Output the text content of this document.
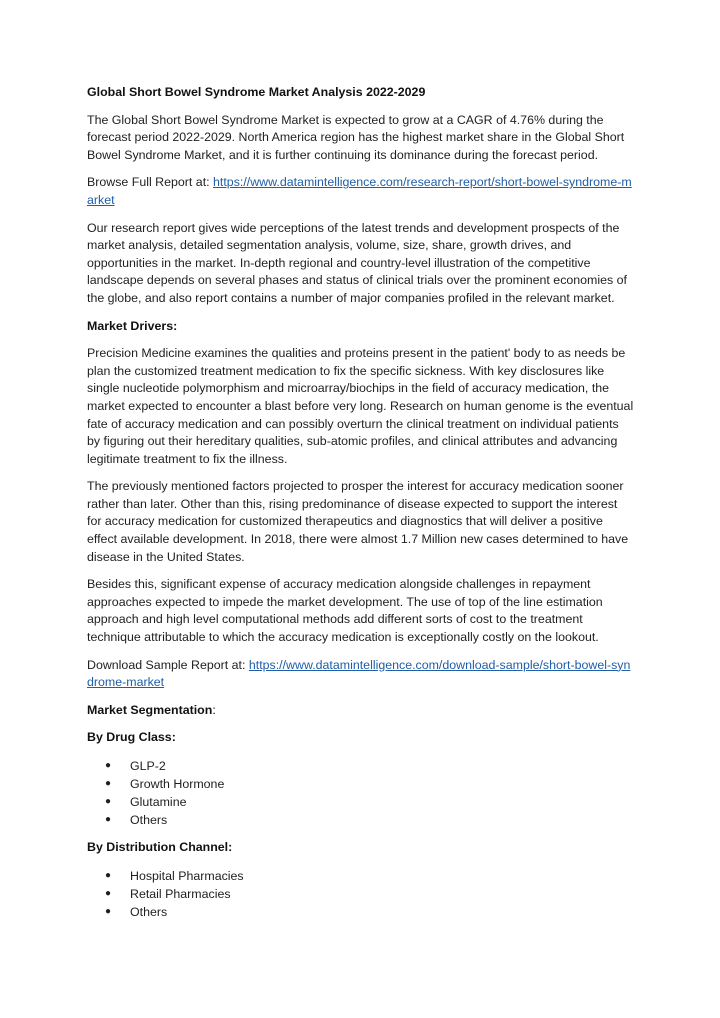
Global Short Bowel Syndrome Market Analysis 2022-2029

The Global Short Bowel Syndrome Market is expected to grow at a CAGR of 4.76% during the forecast period 2022-2029. North America region has the highest market share in the Global Short Bowel Syndrome Market, and it is further continuing its dominance during the forecast period.

Browse Full Report at: https://www.datamintelligence.com/research-report/short-bowel-syndrome-market

Our research report gives wide perceptions of the latest trends and development prospects of the market analysis, detailed segmentation analysis, volume, size, share, growth drives, and opportunities in the market. In-depth regional and country-level illustration of the competitive landscape depends on several phases and status of clinical trials over the prominent economies of the globe, and also report contains a number of major companies profiled in the relevant market.

Market Drivers:

Precision Medicine examines the qualities and proteins present in the patient' body to as needs be plan the customized treatment medication to fix the specific sickness. With key disclosures like single nucleotide polymorphism and microarray/biochips in the field of accuracy medication, the market expected to encounter a blast before very long. Research on human genome is the eventual fate of accuracy medication and can possibly overturn the clinical treatment on individual patients by figuring out their hereditary qualities, sub-atomic profiles, and clinical attributes and advancing legitimate treatment to fix the illness.

The previously mentioned factors projected to prosper the interest for accuracy medication sooner rather than later. Other than this, rising predominance of disease expected to support the interest for accuracy medication for customized therapeutics and diagnostics that will deliver a positive effect available development. In 2018, there were almost 1.7 Million new cases determined to have disease in the United States.

Besides this, significant expense of accuracy medication alongside challenges in repayment approaches expected to impede the market development. The use of top of the line estimation approach and high level computational methods add different sorts of cost to the treatment technique attributable to which the accuracy medication is exceptionally costly on the lookout.

Download Sample Report at: https://www.datamintelligence.com/download-sample/short-bowel-syndrome-market

Market Segmentation:
By Drug Class:
● GLP-2
● Growth Hormone
● Glutamine
● Others
By Distribution Channel:
● Hospital Pharmacies
● Retail Pharmacies
● Others
